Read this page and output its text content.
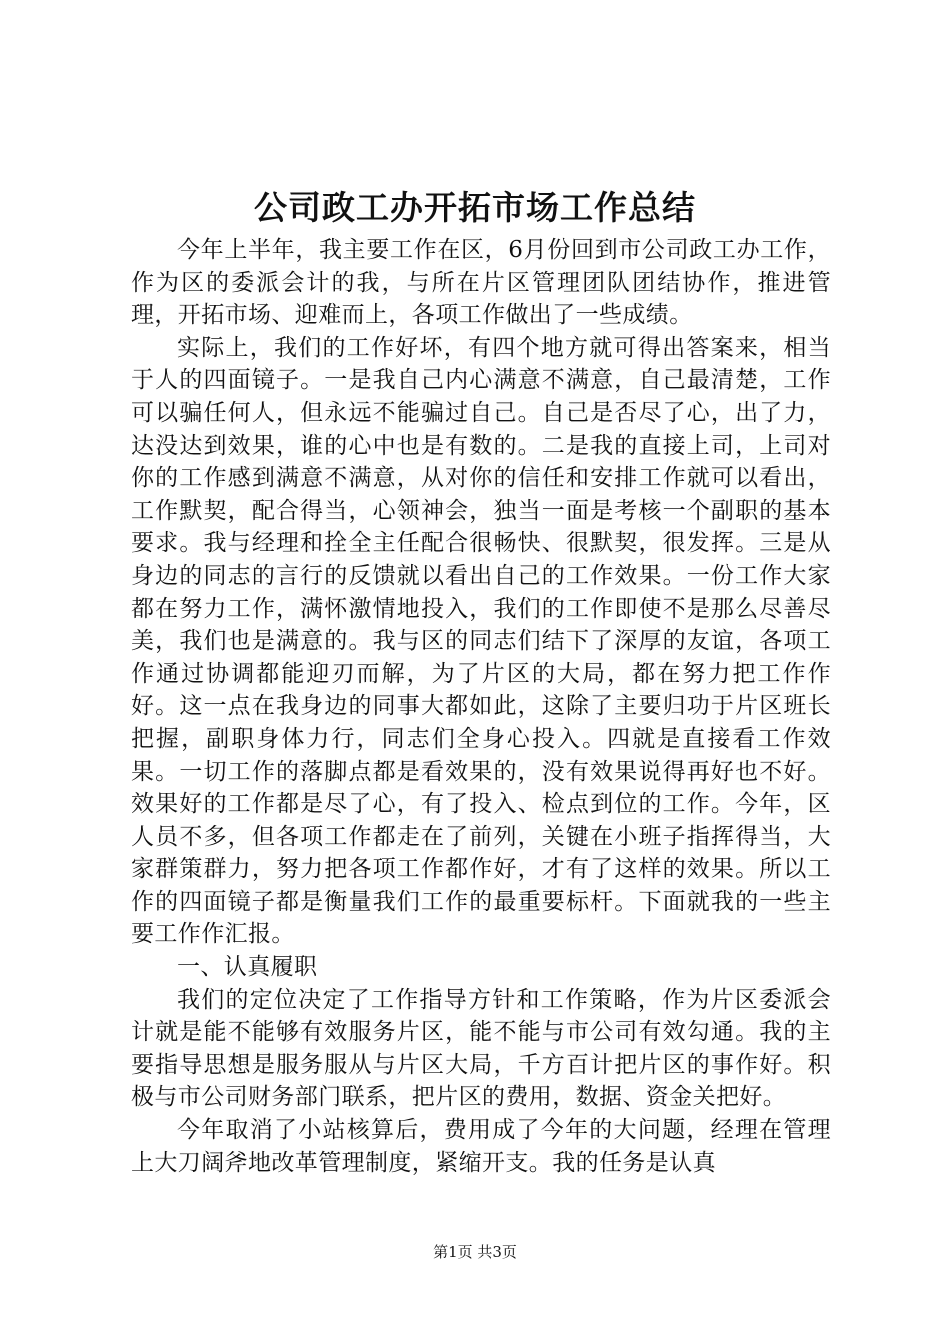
公司政工办开拓市场工作总结

今年上半年，我主要工作在区，6月份回到市公司政工办工作，作为区的委派会计的我，与所在片区管理团队团结协作，推进管理，开拓市场、迎难而上，各项工作做出了一些成绩。

实际上，我们的工作好坏，有四个地方就可得出答案来，相当于人的四面镜子。一是我自己内心满意不满意，自己最清楚，工作可以骗任何人，但永远不能骗过自己。自己是否尽了心，出了力，达没达到效果，谁的心中也是有数的。二是我的直接上司，上司对你的工作感到满意不满意，从对你的信任和安排工作就可以看出，工作默契，配合得当，心领神会，独当一面是考核一个副职的基本要求。我与经理和拴全主任配合很畅快、很默契，很发挥。三是从身边的同志的言行的反馈就以看出自己的工作效果。一份工作大家都在努力工作，满怀激情地投入，我们的工作即使不是那么尽善尽美，我们也是满意的。我与区的同志们结下了深厚的友谊，各项工作通过协调都能迎刃而解，为了片区的大局，都在努力把工作作好。这一点在我身边的同事大都如此，这除了主要归功于片区班长把握，副职身体力行，同志们全身心投入。四就是直接看工作效果。一切工作的落脚点都是看效果的，没有效果说得再好也不好。效果好的工作都是尽了心，有了投入、检点到位的工作。今年，区人员不多，但各项工作都走在了前列，关键在小班子指挥得当，大家群策群力，努力把各项工作都作好，才有了这样的效果。所以工作的四面镜子都是衡量我们工作的最重要标杆。下面就我的一些主要工作作汇报。

一、认真履职

我们的定位决定了工作指导方针和工作策略，作为片区委派会计就是能不能够有效服务片区，能不能与市公司有效勾通。我的主要指导思想是服务服从与片区大局，千方百计把片区的事作好。积极与市公司财务部门联系，把片区的费用，数据、资金关把好。

今年取消了小站核算后，费用成了今年的大问题，经理在管理上大刀阔斧地改革管理制度，紧缩开支。我的任务是认真

第1页 共3页
